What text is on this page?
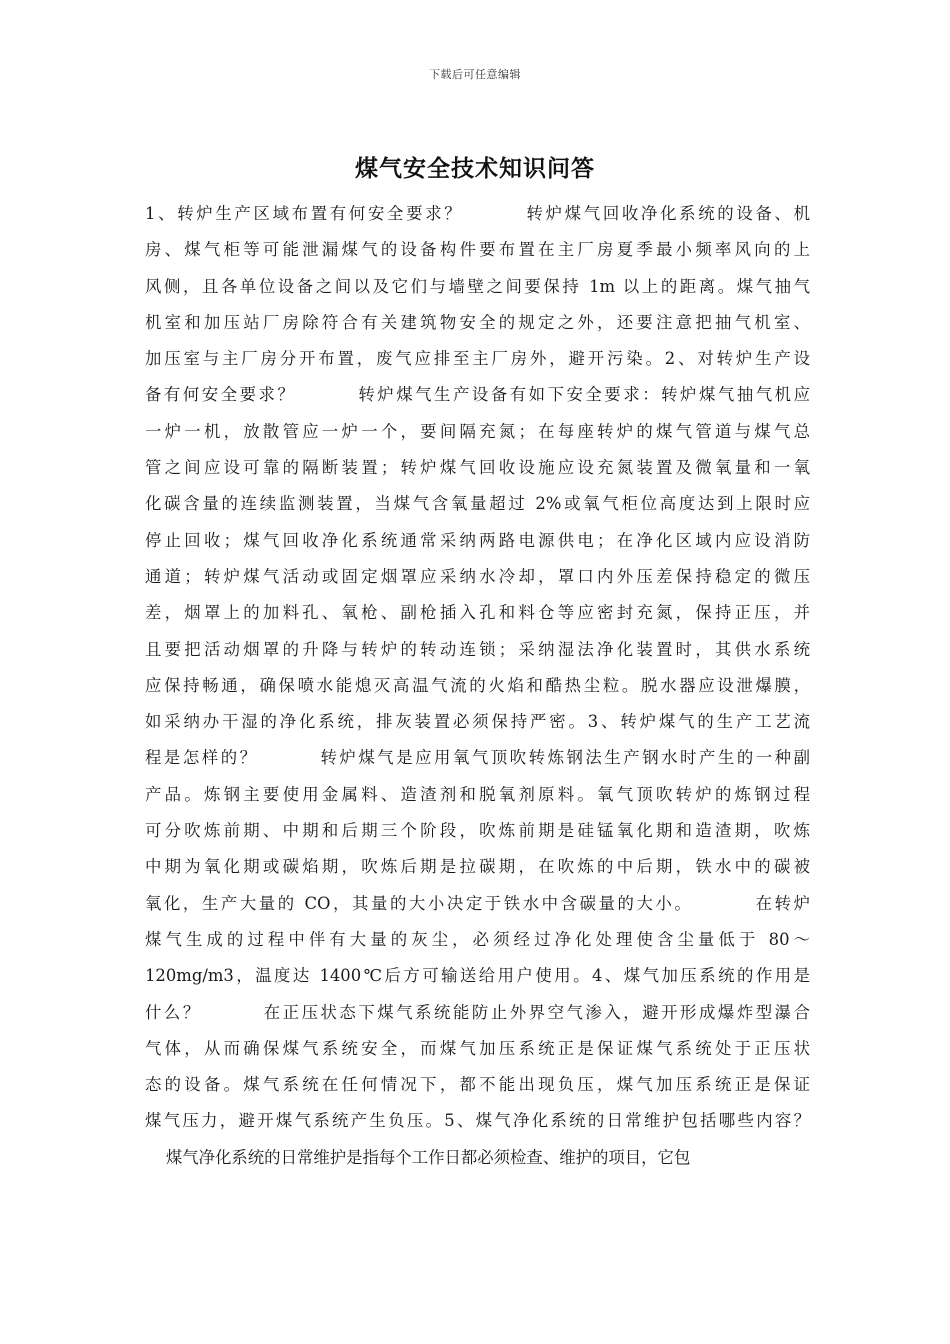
下载后可任意编辑
煤气安全技术知识问答
1、转炉生产区域布置有何安全要求？        转炉煤气回收净化系统的设备、机
房、煤气柜等可能泄漏煤气的设备构件要布置在主厂房夏季最小频率风向的上
风侧，且各单位设备之间以及它们与墙壁之间要保持 1m 以上的距离。煤气抽气
机室和加压站厂房除符合有关建筑物安全的规定之外，还要注意把抽气机室、
加压室与主厂房分开布置，废气应排至主厂房外，避开污染。2、对转炉生产设
备有何安全要求？        转炉煤气生产设备有如下安全要求：转炉煤气抽气机应
一炉一机，放散管应一炉一个，要间隔充氮；在每座转炉的煤气管道与煤气总
管之间应设可靠的隔断装置；转炉煤气回收设施应设充氮装置及微氧量和一氧
化碳含量的连续监测装置，当煤气含氧量超过 2%或氧气柜位高度达到上限时应
停止回收；煤气回收净化系统通常采纳两路电源供电；在净化区域内应设消防
通道；转炉煤气活动或固定烟罩应采纳水冷却，罩口内外压差保持稳定的微压
差，烟罩上的加料孔、氧枪、副枪插入孔和料仓等应密封充氮，保持正压，并
且要把活动烟罩的升降与转炉的转动连锁；采纳湿法净化装置时，其供水系统
应保持畅通，确保喷水能熄灭高温气流的火焰和酷热尘粒。脱水器应设泄爆膜，
如采纳办干湿的净化系统，排灰装置必须保持严密。3、转炉煤气的生产工艺流
程是怎样的？        转炉煤气是应用氧气顶吹转炼钢法生产钢水时产生的一种副
产品。炼钢主要使用金属料、造渣剂和脱氧剂原料。氧气顶吹转炉的炼钢过程
可分吹炼前期、中期和后期三个阶段，吹炼前期是硅锰氧化期和造渣期，吹炼
中期为氧化期或碳焰期，吹炼后期是拉碳期，在吹炼的中后期，铁水中的碳被
氧化，生产大量的 CO，其量的大小决定于铁水中含碳量的大小。        在转炉
煤气生成的过程中伴有大量的灰尘，必须经过净化处理使含尘量低于 80～
120mg/m3，温度达 1400℃后方可输送给用户使用。4、煤气加压系统的作用是
什么？        在正压状态下煤气系统能防止外界空气渗入，避开形成爆炸型瀑合
气体，从而确保煤气系统安全，而煤气加压系统正是保证煤气系统处于正压状
态的设备。煤气系统在任何情况下，都不能出现负压，煤气加压系统正是保证
煤气压力，避开煤气系统产生负压。5、煤气净化系统的日常维护包括哪些内容？
煤气净化系统的日常维护是指每个工作日都必须检查、维护的项目，它包
